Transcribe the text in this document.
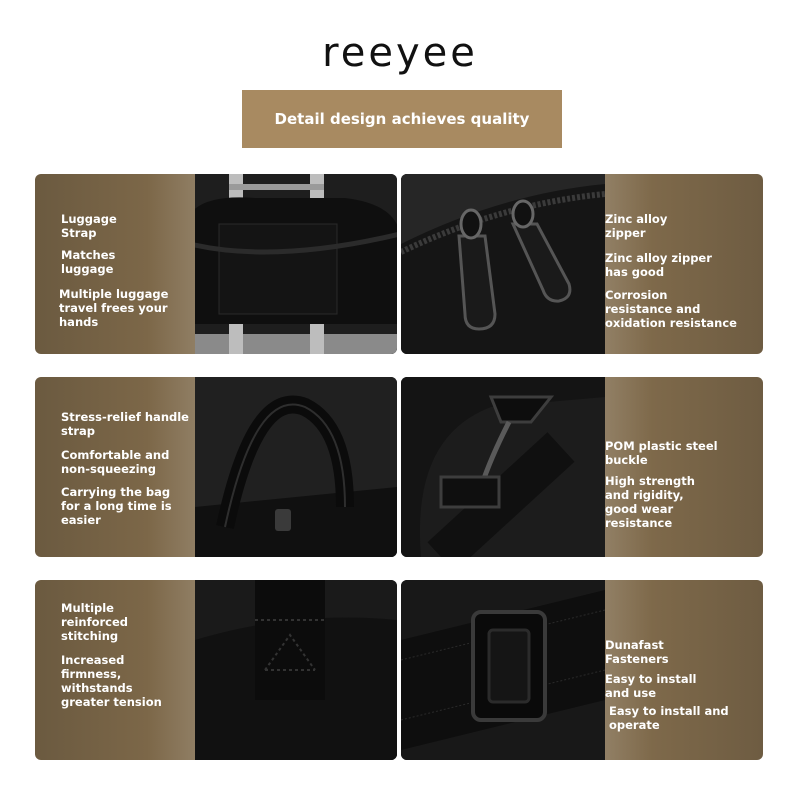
reeyee
Detail design achieves quality
Luggage
Strap
Matches
luggage
Multiple luggage
travel frees your
hands
Zinc alloy
zipper
Zinc alloy zipper
has good
Corrosion
resistance and
oxidation resistance
Stress-relief handle
strap
Comfortable and
non-squeezing
Carrying the bag
for a long time is
easier
POM plastic steel
buckle
High strength
and rigidity,
good wear
resistance
Multiple
reinforced
stitching
Increased
firmness,
withstands
greater tension
Dunafast
Fasteners
Easy to install
and use
Easy to install and
operate
